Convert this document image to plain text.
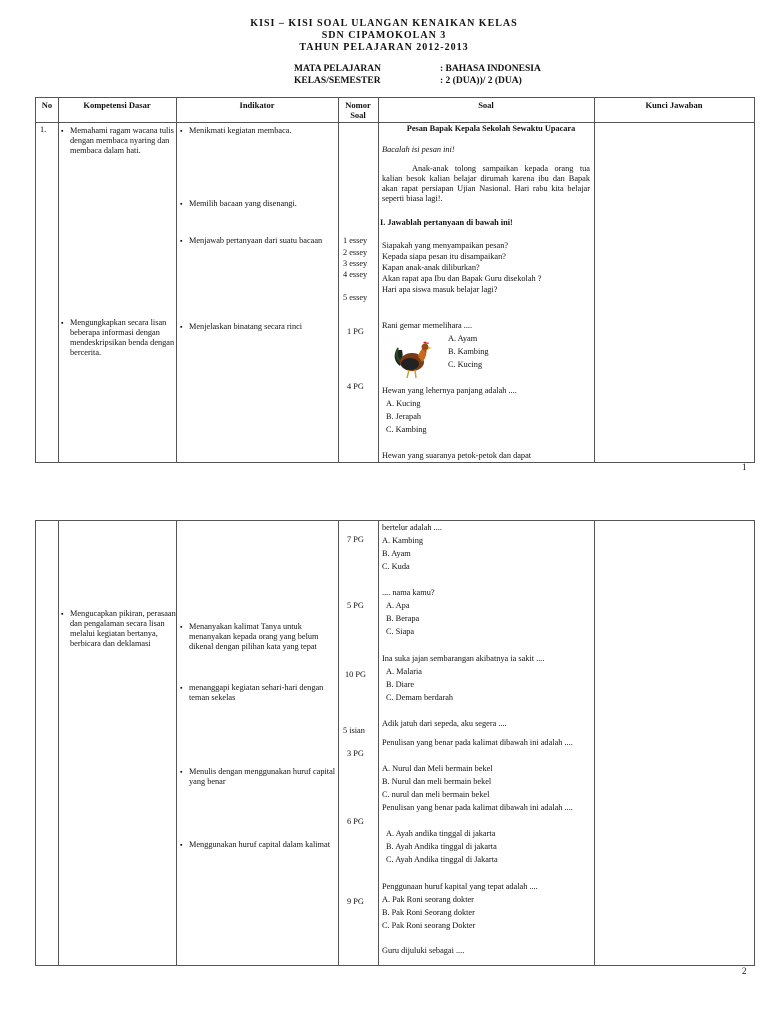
KISI – KISI SOAL ULANGAN KENAIKAN KELAS
SDN CIPAMOKOLAN 3
TAHUN PELAJARAN 2012-2013
MATA PELAJARAN	: BAHASA INDONESIA
KELAS/SEMESTER	: 2 (DUA))/ 2 (DUA)
No	Kompetensi Dasar	Indikator	Nomor Soal
Soal	Kunci Jawaban
1.
▪	Memahami ragam wacana tulis dengan membaca nyaring dan membaca dalam hati.
▪ Mengungkapkan secara lisan beberapa informasi dengan mendeskripsikan benda dengan bercerita.
▪ Menikmati kegiatan membaca.
▪ Memilih bacaan yang disenangi.
▪ Menjawab pertanyaan dari suatu bacaan
▪ Menjelaskan binatang secara rinci
1 essey
2 essey
3 essey
4 essey
5 essey
1 PG
4 PG
Pesan Bapak Kepala Sekolah Sewaktu Upacara
Bacalah isi pesan ini!
Anak-anak tolong sampaikan kepada orang tua kalian besok kalian belajar dirumah karena ibu dan Bapak akan rapat persiapan Ujian Nasional. Hari rabu kita belajar seperti biasa lagi!.
I. Jawablah pertanyaan di bawah ini!
Siapakah yang menyampaikan pesan?
Kepada siapa pesan itu disampaikan?
Kapan anak-anak diliburkan?
Akan rapat apa Ibu dan Bapak Guru disekolah ?
Hari apa siswa masuk belajar lagi?
Rani gemar memelihara ....
A. Ayam
B. Kambing
C. Kucing
Hewan yang lehernya panjang adalah ....
A. Kucing
B. Jerapah
C. Kambing
Hewan yang suaranya petok-petok dan dapat
1
▪ Mengucapkan pikiran, perasaan dan pengalaman secara lisan melalui kegiatan bertanya, berbicara dan deklamasi
▪ Menanyakan kalimat Tanya untuk menanyakan kepada orang yang belum dikenal dengan pilihan kata yang tepat
▪ menanggapi kegiatan sehari-hari dengan teman sekelas
▪ Menulis dengan menggunakan huruf capital yang benar
▪ Menggunakan huruf capital dalam kalimat
7 PG
5 PG
10 PG
5 isian
3 PG
6 PG
9 PG
bertelur adalah ....
A. Kambing
B. Ayam
C. Kuda
.... nama kamu?
A. Apa
B. Berapa
C. Siapa
Ina suka jajan sembarangan akibatnya ia sakit ....
A. Malaria
B. Diare
C. Demam berdarah
Adik jatuh dari sepeda, aku segera ....
Penulisan yang benar pada kalimat dibawah ini adalah ....
A. Nurul dan Meli bermain bekel
B. Nurul dan meli bermain bekel
C. nurul dan meli bermain bekel
Penulisan yang benar pada kalimat dibawah ini adalah ....
A. Ayah andika tinggal di jakarta
B. Ayah Andika tinggal di jakarta
C. Ayah Andika tinggal di Jakarta
Penggunaan huruf kapital yang tepat adalah ....
A. Pak Roni seorang dokter
B. Pak Roni Seorang dokter
C. Pak Roni seorang Dokter
Guru dijuluki sebagai ....
2
